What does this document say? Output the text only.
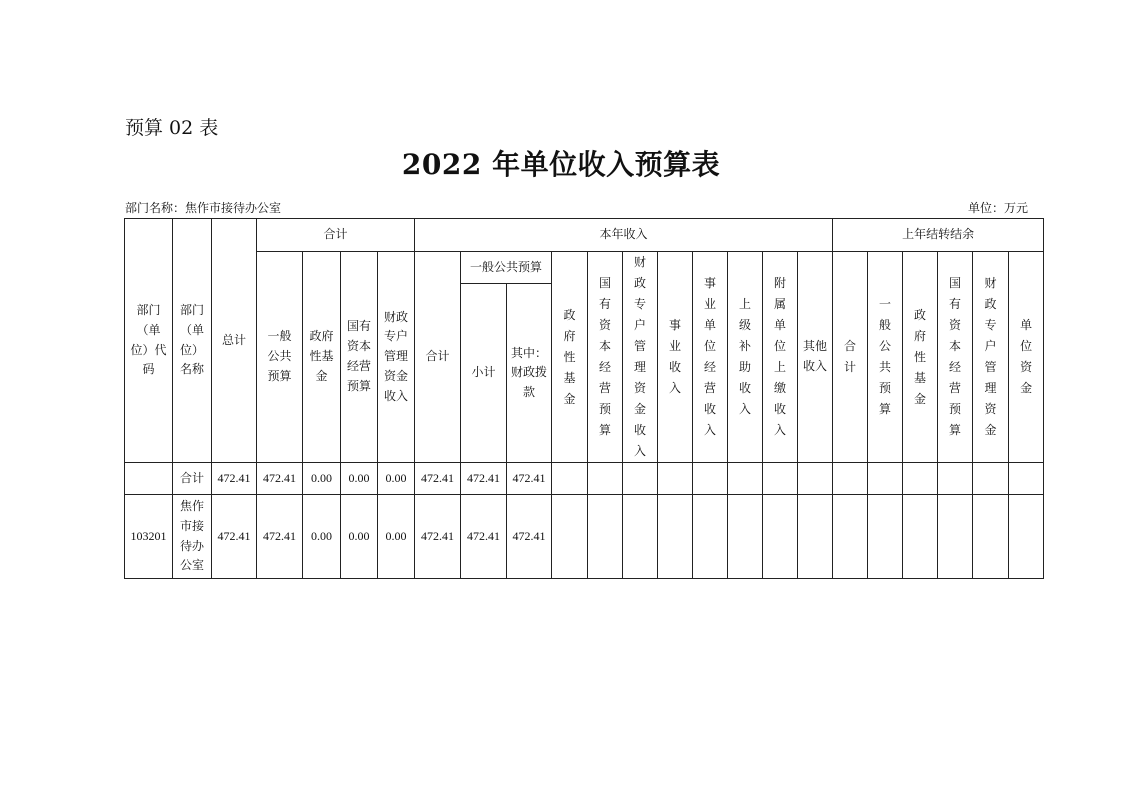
预算 02 表
2022 年单位收入预算表
部门名称：焦作市接待办公室	单位：万元
部门（单位）代码	部门（单位）名称	总计	合计				本年收入											上年结转结余					
			一般公共预算	政府性基金	国有资本经营预算	财政专户管理资金收入	合计	一般公共预算		政府性基金	国有资本经营预算	财政专户管理资金收入	事业收入	事业单位经营收入	上级补助收入	附属单位上缴收入	其他收入	合计	一般公共预算	政府性基金	国有资本经营预算	财政专户管理资金	单位资金
								小计	其中：财政拨款														
	合计	472.41	472.41	0.00	0.00	0.00	472.41	472.41	472.41														
103201	焦作市接待办公室	472.41	472.41	0.00	0.00	0.00	472.41	472.41	472.41														
